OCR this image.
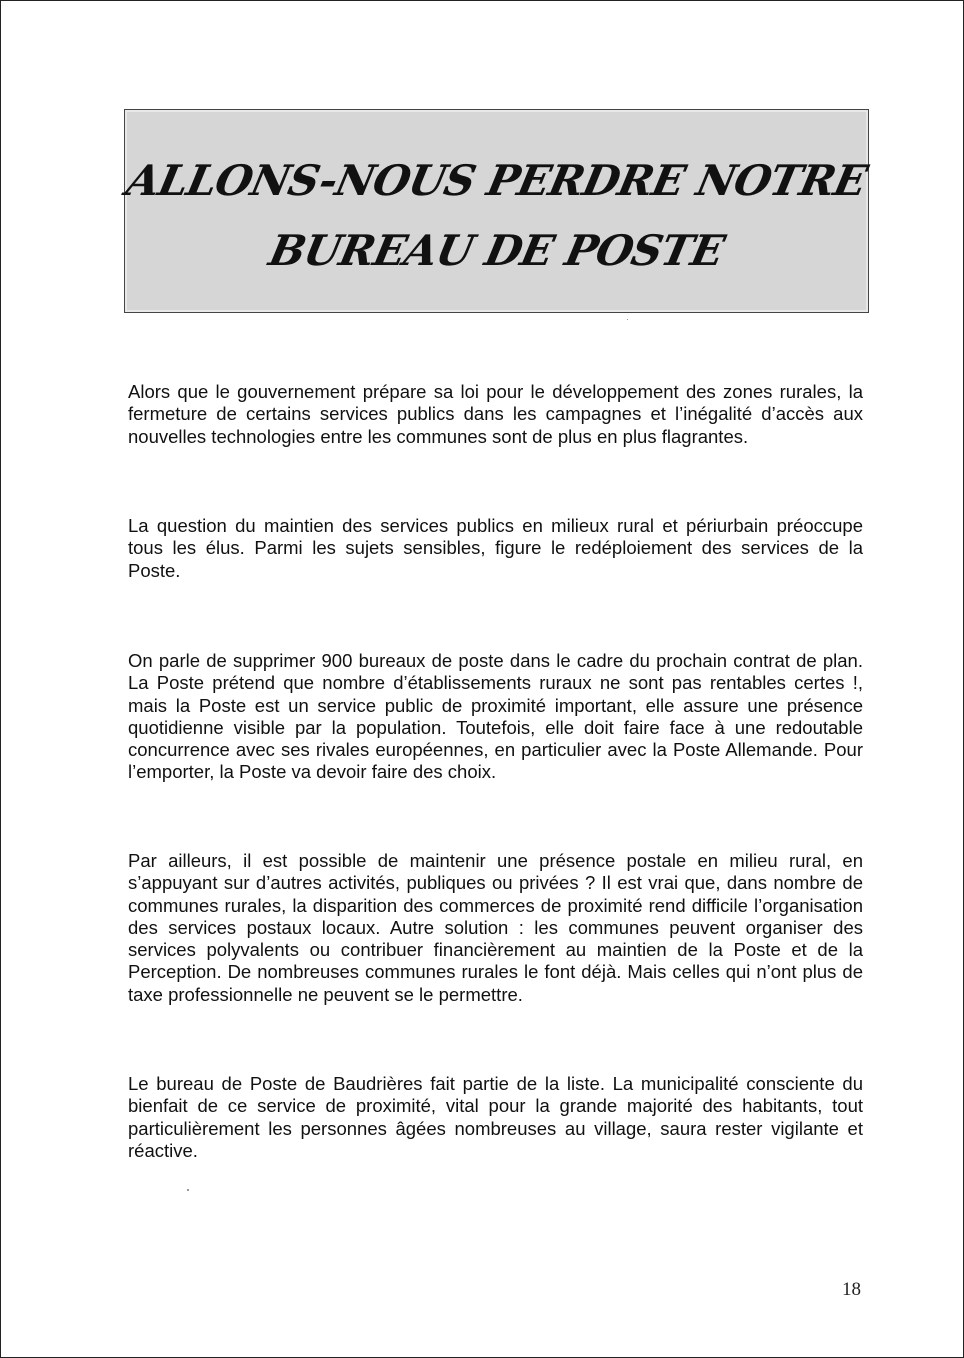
ALLONS-NOUS PERDRE NOTRE
BUREAU DE POSTE

Alors que le gouvernement prépare sa loi pour le développement des zones rurales, la fermeture de certains services publics dans les campagnes et l’inégalité d’accès aux nouvelles technologies entre les communes sont de plus en plus flagrantes.

La question du maintien des services publics en milieux rural et périurbain préoccupe tous les élus. Parmi les sujets sensibles, figure le redéploiement des services de la Poste.

On parle de supprimer 900 bureaux de poste dans le cadre du prochain contrat de plan. La Poste prétend que nombre d’établissements ruraux ne sont pas rentables certes !, mais la Poste est un service public de proximité important, elle assure une présence quotidienne visible par la population. Toutefois, elle doit faire face à une redoutable concurrence avec ses rivales européennes, en particulier avec la Poste Allemande. Pour l’emporter, la Poste va devoir faire des choix.

Par ailleurs, il est possible de maintenir une présence postale en milieu rural, en s’appuyant sur d’autres activités, publiques ou privées ? Il est vrai que, dans nombre de communes rurales, la disparition des commerces de proximité rend difficile l’organisation des services postaux locaux. Autre solution : les communes peuvent organiser des services polyvalents ou contribuer financièrement au maintien de la Poste et de la Perception. De nombreuses communes rurales le font déjà. Mais celles qui n’ont plus de taxe professionnelle ne peuvent se le permettre.

Le bureau de Poste de Baudrières fait partie de la liste. La municipalité consciente du bienfait de ce service de proximité, vital pour la grande majorité des habitants, tout particulièrement les personnes âgées nombreuses au village, saura rester vigilante et réactive.

18
